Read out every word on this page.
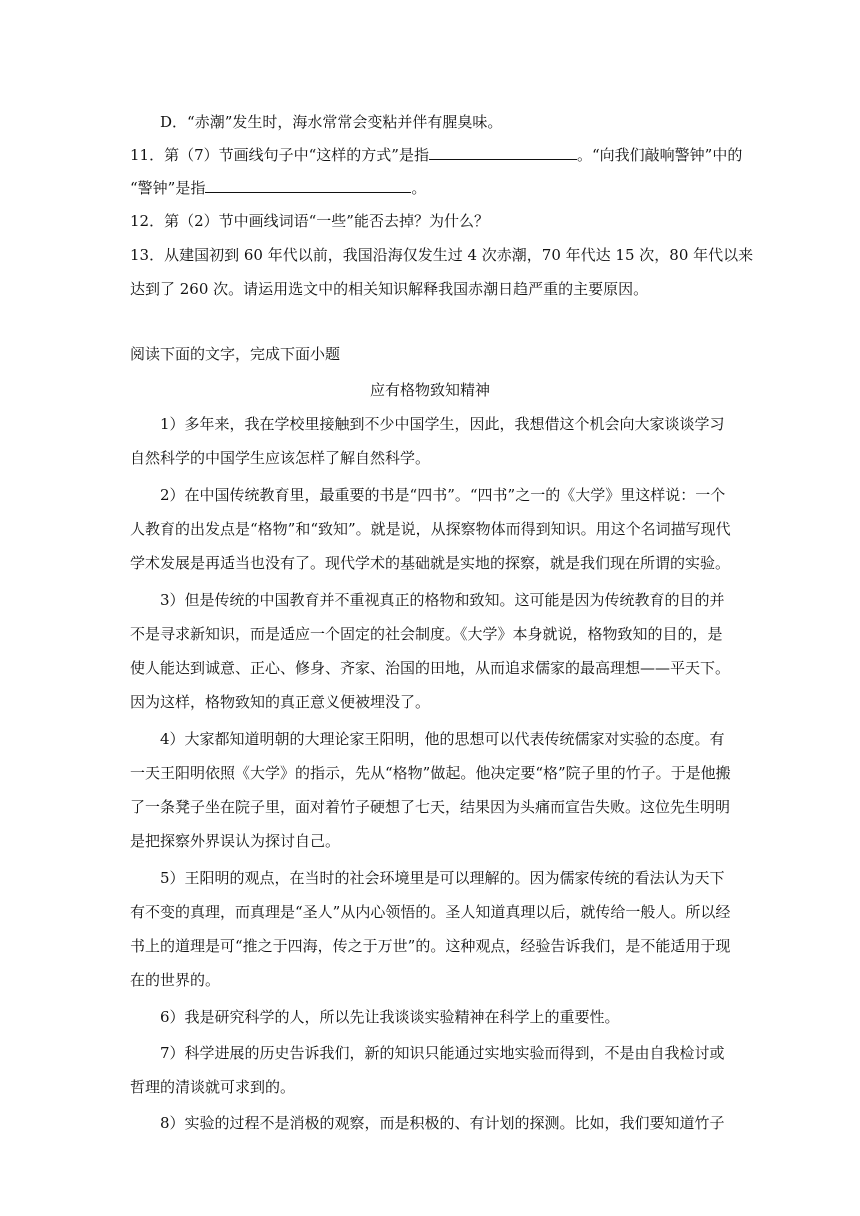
D．“赤潮”发生时，海水常常会变粘并伴有腥臭味。
11．第（7）节画线句子中“这样的方式”是指	。“向我们敲响警钟”中的
“警钟”是指	。
12．第（2）节中画线词语“一些”能否去掉？为什么？
13．从建国初到 60 年代以前，我国沿海仅发生过 4 次赤潮，70 年代达 15 次，80 年代以来
达到了 260 次。请运用选文中的相关知识解释我国赤潮日趋严重的主要原因。
阅读下面的文字，完成下面小题
应有格物致知精神
1）多年来，我在学校里接触到不少中国学生，因此，我想借这个机会向大家谈谈学习
自然科学的中国学生应该怎样了解自然科学。
2）在中国传统教育里，最重要的书是“四书”。“四书”之一的《大学》里这样说：一个
人教育的出发点是“格物”和“致知”。就是说，从探察物体而得到知识。用这个名词描写现代
学术发展是再适当也没有了。现代学术的基础就是实地的探察，就是我们现在所谓的实验。
3）但是传统的中国教育并不重视真正的格物和致知。这可能是因为传统教育的目的并
不是寻求新知识，而是适应一个固定的社会制度。《大学》本身就说，格物致知的目的，是
使人能达到诚意、正心、修身、齐家、治国的田地，从而追求儒家的最高理想——平天下。
因为这样，格物致知的真正意义便被埋没了。
4）大家都知道明朝的大理论家王阳明，他的思想可以代表传统儒家对实验的态度。有
一天王阳明依照《大学》的指示，先从“格物”做起。他决定要“格”院子里的竹子。于是他搬
了一条凳子坐在院子里，面对着竹子硬想了七天，结果因为头痛而宣告失败。这位先生明明
是把探察外界误认为探讨自己。
5）王阳明的观点，在当时的社会环境里是可以理解的。因为儒家传统的看法认为天下
有不变的真理，而真理是“圣人”从内心领悟的。圣人知道真理以后，就传给一般人。所以经
书上的道理是可“推之于四海，传之于万世”的。这种观点，经验告诉我们，是不能适用于现
在的世界的。
6）我是研究科学的人，所以先让我谈谈实验精神在科学上的重要性。
7）科学进展的历史告诉我们，新的知识只能通过实地实验而得到，不是由自我检讨或
哲理的清谈就可求到的。
8）实验的过程不是消极的观察，而是积极的、有计划的探测。比如，我们要知道竹子
